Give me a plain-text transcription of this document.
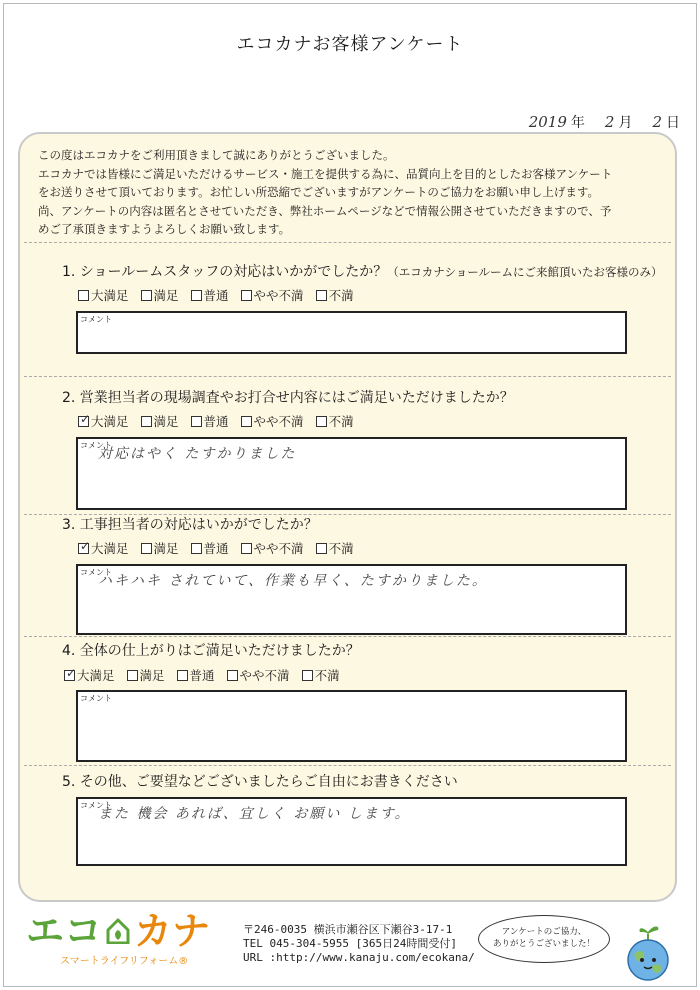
エコカナお客様アンケート
2019 年 2 月 2 日

この度はエコカナをご利用頂きまして誠にありがとうございました。

エコカナでは皆様にご満足いただけるサービス・施工を提供する為に、品質向上を目的としたお客様アンケート

をお送りさせて頂いております。お忙しい所恐縮でございますがアンケートのご協力をお願い申し上げます。

尚、アンケートの内容は匿名とさせていただき、弊社ホームページなどで情報公開させていただきますので、予

めご了承頂きますようよろしくお願い致します。

1. ショールームスタッフの対応はいかがでしたか？（エコカナショールームにご来館頂いたお客様のみ）
大満足 満足 普通 やや不満 不満
コメント
2. 営業担当者の現場調査やお打合せ内容にはご満足いただけましたか？
✓
大満足 満足 普通 やや不満 不満
コメント
対応はやく たすかりました
3. 工事担当者の対応はいかがでしたか？
✓
大満足 満足 普通 やや不満 不満
コメント
ハキハキ されていて、作業も早く、たすかりました。
4. 全体の仕上がりはご満足いただけましたか？
✓
大満足 満足 普通 やや不満 不満
コメント
5. その他、ご要望などございましたらご自由にお書きください
コメント
また 機会 あれば、宜しく お願い します。
エコ カナ
スマートライフリフォーム®
〒246-0035 横浜市瀬谷区下瀬谷3-17-1
TEL 045-304-5955 [365日24時間受付]
URL :http://www.kanaju.com/ecokana/

アンケートのご協力、

ありがとうございました！
